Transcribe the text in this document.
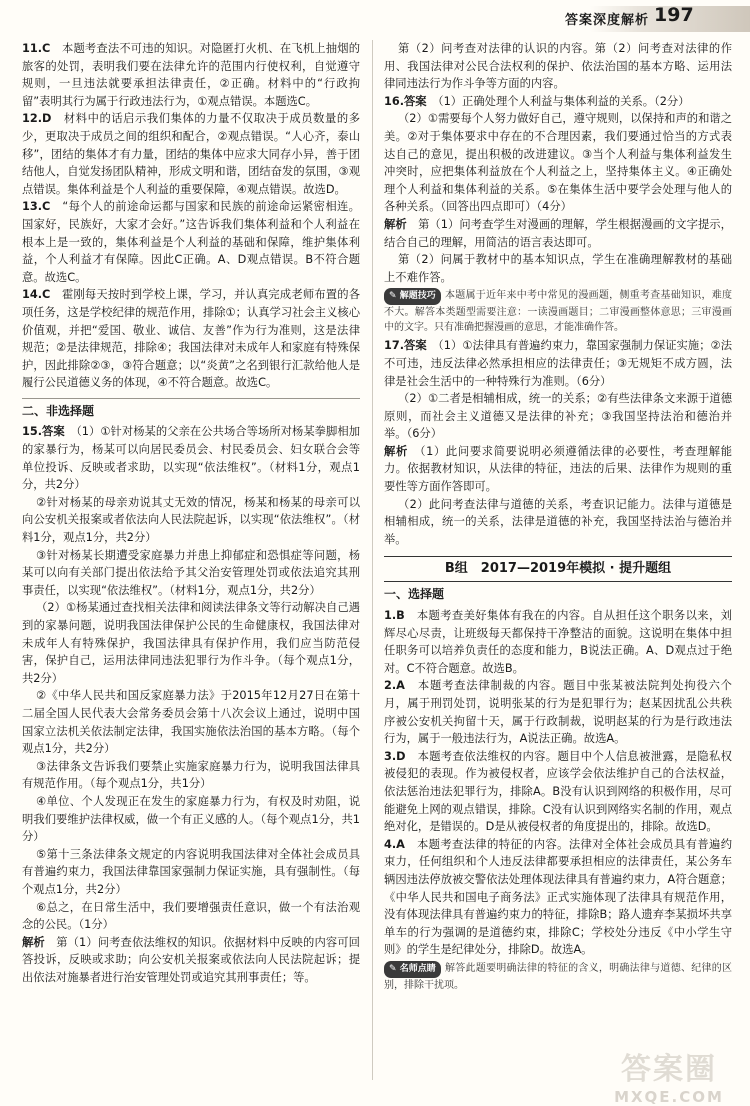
答案深度解析 197

11.C　 本题考查法不可违的知识。对隐匿打火机、在飞机上抽烟的旅客的处罚，表明我们要在法律允许的范围内行使权利，自觉遵守规则，一旦违法就要承担法律责任，②正确。材料中的“行政拘留”表明其行为属于行政违法行为，①观点错误。本题选C。

12.D　 材料中的话启示我们集体的力量不仅取决于成员数量的多少，更取决于成员之间的组织和配合，②观点错误。“人心齐，泰山移”，团结的集体才有力量，团结的集体中应求大同存小异，善于团结他人，自觉发扬团队精神，形成文明和谐，团结奋发的氛围，③观点错误。集体利益是个人利益的重要保障，④观点错误。故选D。

13.C　 “每个人的前途命运都与国家和民族的前途命运紧密相连。国家好，民族好，大家才会好。”这告诉我们集体利益和个人利益在根本上是一致的，集体利益是个人利益的基础和保障，维护集体利益，个人利益才有保障。因此C正确。A、D观点错误。B不符合题意。故选C。

14.C　 霍刚每天按时到学校上课，学习，并认真完成老师布置的各项任务，这是学校纪律的规范作用，排除①；认真学习社会主义核心价值观，并把“爱国、敬业、诚信、友善”作为行为准则，这是法律规范；②是法律规范，排除④；我国法律对未成年人和家庭有特殊保护，因此排除②③，③符合题意；以“炎黄”之名到银行汇款给他人是履行公民道德义务的体现，④不符合题意。故选C。

二、非选择题

15.答案　 （1）①针对杨某的父亲在公共场合等场所对杨某拳脚相加的家暴行为，杨某可以向居民委员会、村民委员会、妇女联合会等单位投诉、反映或者求助，以实现“依法维权”。（材料1分，观点1分，共2分）

②针对杨某的母亲劝说其丈无效的情况，杨某和杨某的母亲可以向公安机关报案或者依法向人民法院起诉，以实现“依法维权”。（材料1分，观点1分，共2分）

③针对杨某长期遭受家庭暴力并患上抑郁症和恐惧症等问题，杨某可以向有关部门提出依法给予其父治安管理处罚或依法追究其刑事责任，以实现“依法维权”。（材料1分，观点1分，共2分）

（2）①杨某通过查找相关法律和阅读法律条文等行动解决自己遇到的家暴问题，说明我国法律保护公民的生命健康权，我国法律对未成年人有特殊保护，我国法律具有保护作用，我们应当防范侵害，保护自己，运用法律同违法犯罪行为作斗争。（每个观点1分，共2分）

②《中华人民共和国反家庭暴力法》于2015年12月27日在第十二届全国人民代表大会常务委员会第十八次会议上通过，说明中国国家立法机关依法制定法律，我国实施依法治国的基本方略。（每个观点1分，共2分）

③法律条文告诉我们要禁止实施家庭暴力行为，说明我国法律具有规范作用。（每个观点1分，共1分）

④单位、个人发现正在发生的家庭暴力行为，有权及时劝阻，说明我们要维护法律权威，做一个有正义感的人。（每个观点1分，共1分）

⑤第十三条法律条文规定的内容说明我国法律对全体社会成员具有普遍约束力，我国法律靠国家强制力保证实施，具有强制性。（每个观点1分，共2分）

⑥总之，在日常生活中，我们要增强责任意识，做一个有法治观念的公民。（1分）

解析　 第（1）问考查依法维权的知识。依据材料中反映的内容可回答投诉，反映或求助；向公安机关报案或依法向人民法院起诉；提出依法对施暴者进行治安管理处罚或追究其刑事责任；等。

第（2）问考查对法律的认识的内容。第（2）问考查对法律的作用、我国法律对公民合法权利的保护、依法治国的基本方略、运用法律同违法行为作斗争等方面的内容。

16.答案　 （1）正确处理个人利益与集体利益的关系。（2分）

（2）①需要每个人努力做好自己，遵守规则，以保持和声的和谐之美。②对于集体要求中存在的不合理因素，我们要通过恰当的方式表达自己的意见，提出积极的改进建议。③当个人利益与集体利益发生冲突时，应把集体利益放在个人利益之上，坚持集体主义。④正确处理个人利益和集体利益的关系。⑤在集体生活中要学会处理与他人的各种关系。（回答出四点即可）（4分）

解析　 第（1）问考查学生对漫画的理解，学生根据漫画的文字提示，结合自己的理解，用简洁的语言表达即可。

第（2）问属于教材中的基本知识点，学生在准确理解教材的基础上不难作答。

✎ 解题技巧 本题属于近年来中考中常见的漫画题，侧重考查基础知识，难度不大。解答本类题型需要注意：一读漫画题目；二审漫画整体意思；三审漫画中的文字。只有准确把握漫画的意思，才能准确作答。

17.答案　 （1）①法律具有普遍约束力，靠国家强制力保证实施；②法不可违，违反法律必然承担相应的法律责任；③无规矩不成方圆，法律是社会生活中的一种特殊行为准则。（6分）

（2）①二者是相辅相成，统一的关系；②有些法律条文来源于道德原则，而社会主义道德又是法律的补充；③我国坚持法治和德治并举。（6分）

解析　 （1）此问要求简要说明必须遵循法律的必要性，考查理解能力。依据教材知识，从法律的特征，违法的后果、法律作为规则的重要性等方面作答即可。

（2）此问考查法律与道德的关系，考查识记能力。法律与道德是相辅相成，统一的关系，法律是道德的补充，我国坚持法治与德治并举。

B组　2017—2019年模拟 · 提升题组
一、选择题

1.B　 本题考查美好集体有我在的内容。自从担任这个职务以来，刘辉尽心尽责，让班级每天都保持干净整洁的面貌。这说明在集体中担任职务可以培养负责任的态度和能力，B说法正确。A、D观点过于绝对。C不符合题意。故选B。

2.A　 本题考查法律制裁的内容。题目中张某被法院判处拘役六个月，属于刑罚处罚，说明张某的行为是犯罪行为；赵某因扰乱公共秩序被公安机关拘留十天，属于行政制裁，说明赵某的行为是行政违法行为，属于一般违法行为，A说法正确。故选A。

3.D　 本题考查依法维权的内容。题目中个人信息被泄露，是隐私权被侵犯的表现。作为被侵权者，应该学会依法维护自己的合法权益，依法惩治违法犯罪行为，排除A。B没有认识到网络的积极作用，尽可能避免上网的观点错误，排除。C没有认识到网络实名制的作用，观点绝对化，是错误的。D是从被侵权者的角度提出的，排除。故选D。

4.A　 本题考查法律的特征的内容。法律对全体社会成员具有普遍约束力，任何组织和个人违反法律都要承担相应的法律责任，某公务车辆因违法停放被交警依法处理体现法律具有普遍约束力，A符合题意；《中华人民共和国电子商务法》正式实施体现了法律具有规范作用，没有体现法律具有普遍约束力的特征，排除B；路人遗弃李某损坏共享单车的行为强调的是道德约束，排除C；学校处分违反《中小学生守则》的学生是纪律处分，排除D。故选A。

✎ 名师点睛 解答此题要明确法律的特征的含义，明确法律与道德、纪律的区别，排除干扰项。

答案圈
MXQE.COM
